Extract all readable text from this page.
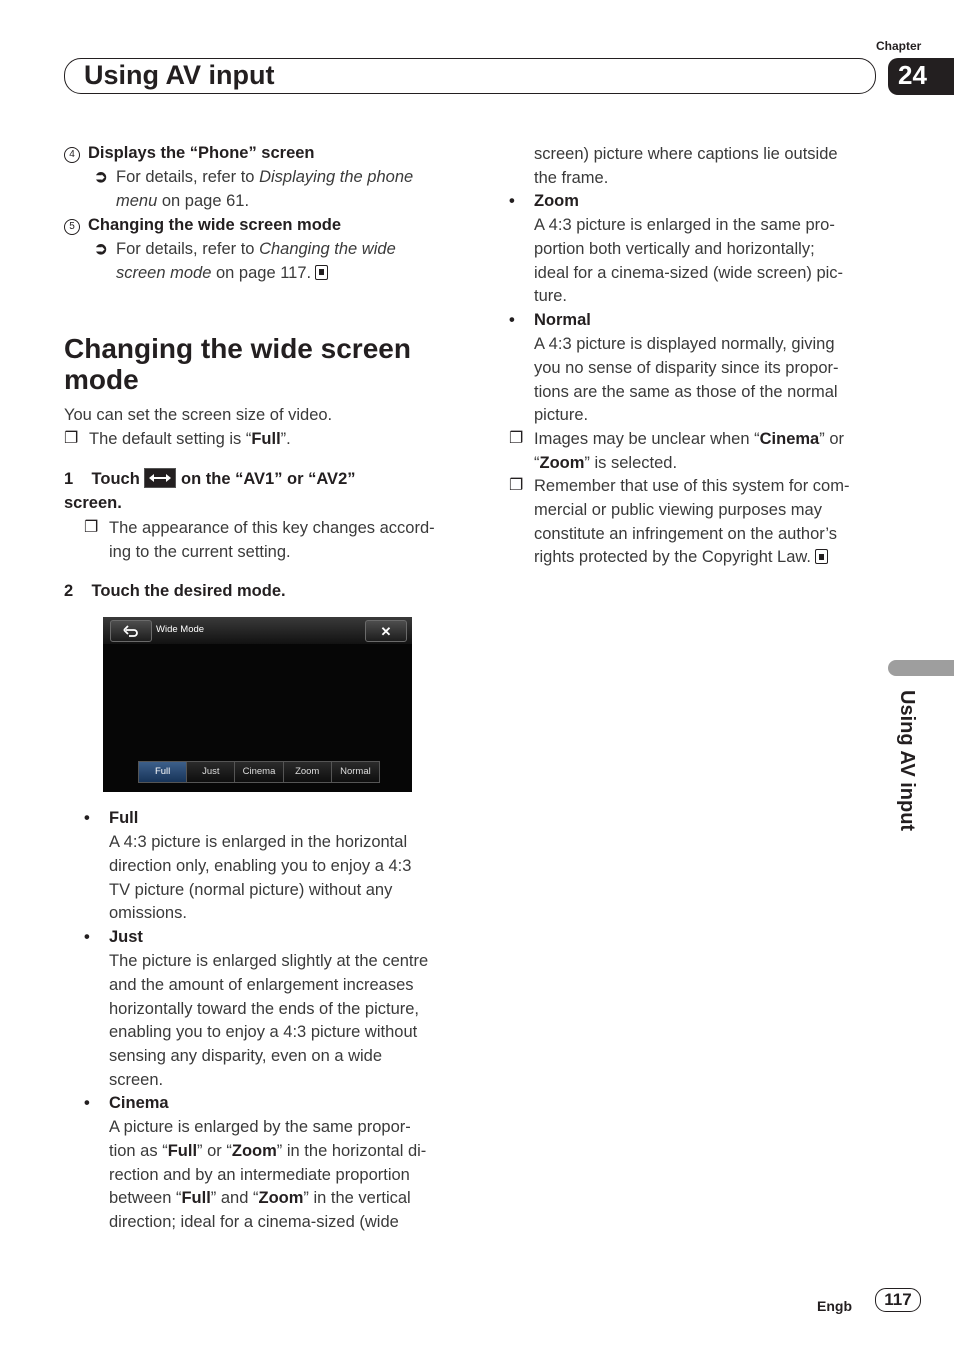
Chapter
Using AV input	24
4 Displays the “Phone” screen
➲ For details, refer to Displaying the phone
menu on page 61.
5 Changing the wide screen mode
➲ For details, refer to Changing the wide
screen mode on page 117.
Changing the wide screen
mode
You can set the screen size of video.
❐ The default setting is “Full”.
1 Touch on the “AV1” or “AV2”
screen.
❐ The appearance of this key changes accord-
ing to the current setting.
2 Touch the desired mode.
Wide Mode	✕
Full	Just	Cinema	Zoom	Normal
• Full
A 4:3 picture is enlarged in the horizontal
direction only, enabling you to enjoy a 4:3
TV picture (normal picture) without any
omissions.
• Just
The picture is enlarged slightly at the centre
and the amount of enlargement increases
horizontally toward the ends of the picture,
enabling you to enjoy a 4:3 picture without
sensing any disparity, even on a wide
screen.
• Cinema
A picture is enlarged by the same propor-
tion as “Full” or “Zoom” in the horizontal di-
rection and by an intermediate proportion
between “Full” and “Zoom” in the vertical
direction; ideal for a cinema-sized (wide
screen) picture where captions lie outside
the frame.
• Zoom
A 4:3 picture is enlarged in the same pro-
portion both vertically and horizontally;
ideal for a cinema-sized (wide screen) pic-
ture.
• Normal
A 4:3 picture is displayed normally, giving
you no sense of disparity since its propor-
tions are the same as those of the normal
picture.
❐ Images may be unclear when “Cinema” or
“Zoom” is selected.
❐ Remember that use of this system for com-
mercial or public viewing purposes may
constitute an infringement on the author’s
rights protected by the Copyright Law.
Using AV input
Engb	117
